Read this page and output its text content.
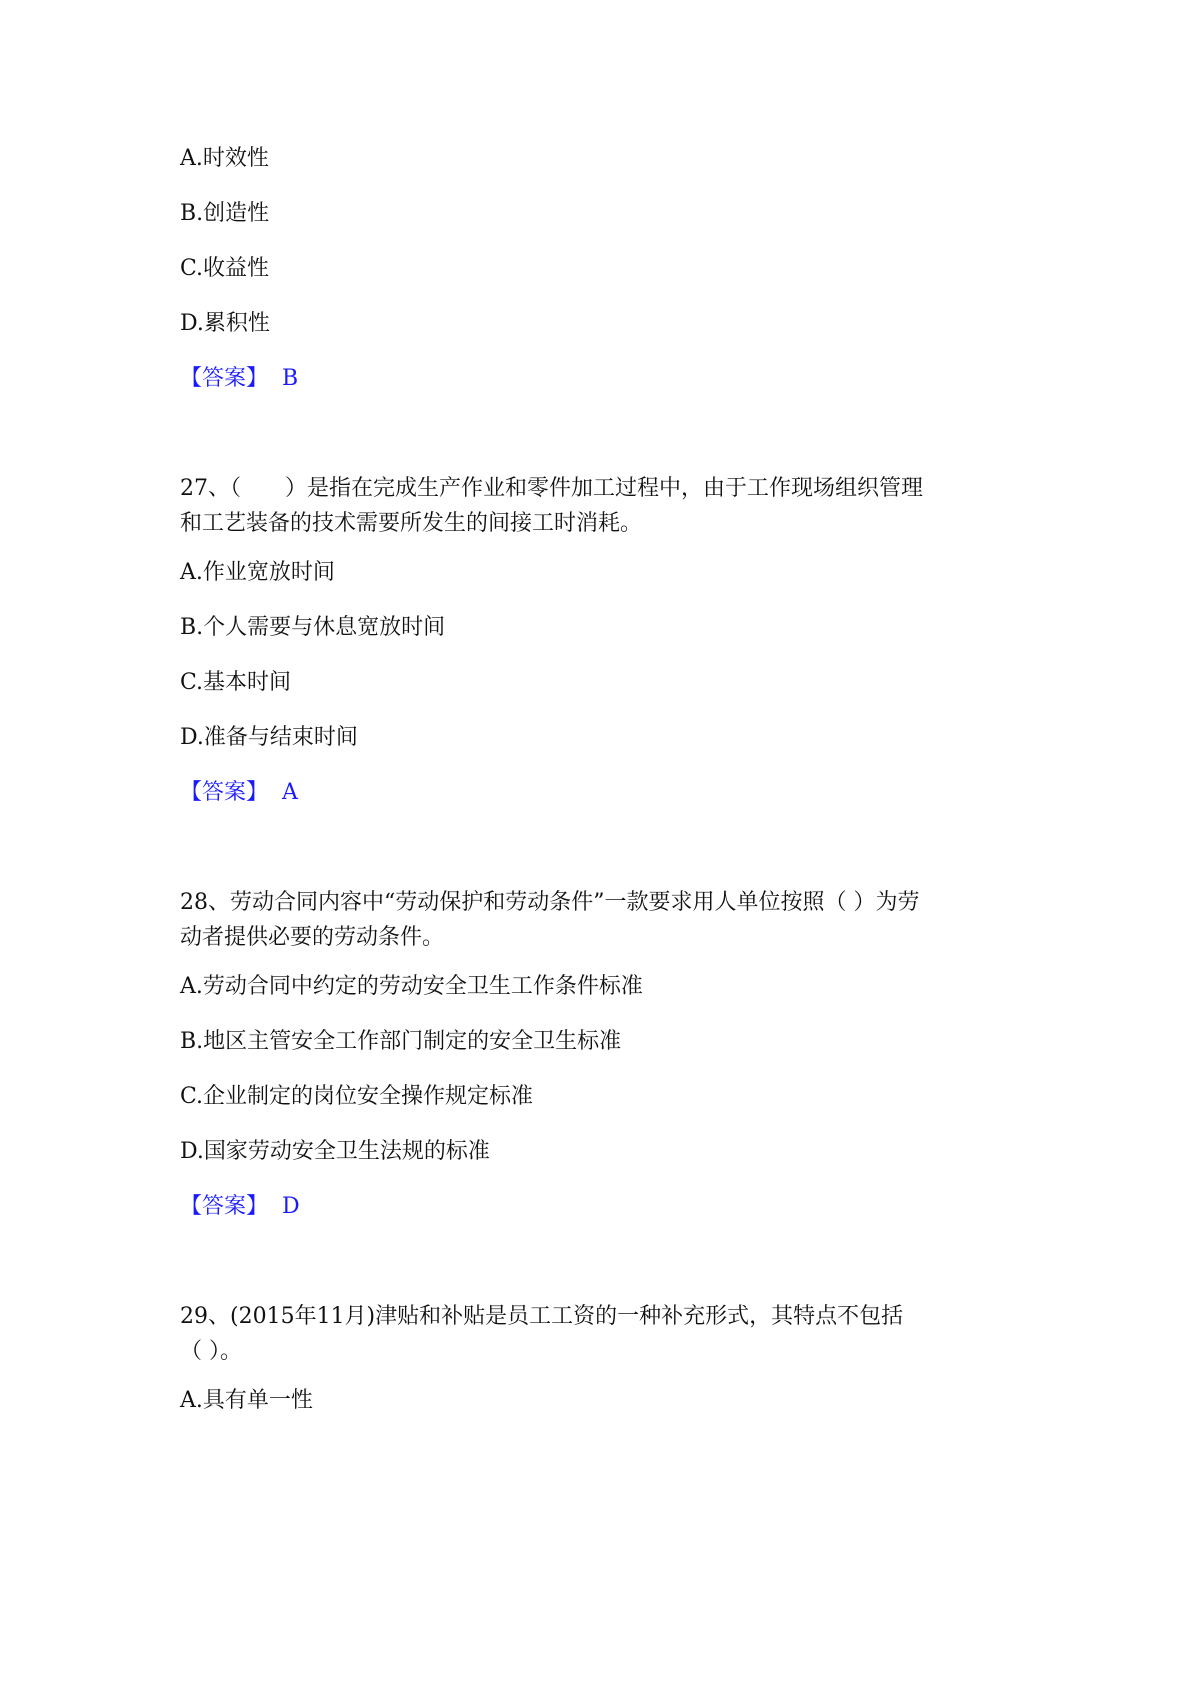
A.时效性
B.创造性
C.收益性
D.累积性
【答案】 B
27、（　　）是指在完成生产作业和零件加工过程中，由于工作现场组织管理
和工艺装备的技术需要所发生的间接工时消耗。
A.作业宽放时间
B.个人需要与休息宽放时间
C.基本时间
D.准备与结束时间
【答案】 A
28、劳动合同内容中“劳动保护和劳动条件”一款要求用人单位按照（ ）为劳
动者提供必要的劳动条件。
A.劳动合同中约定的劳动安全卫生工作条件标准
B.地区主管安全工作部门制定的安全卫生标准
C.企业制定的岗位安全操作规定标准
D.国家劳动安全卫生法规的标准
【答案】 D
29、(2015年11月)津贴和补贴是员工工资的一种补充形式，其特点不包括
（ ）。
A.具有单一性
